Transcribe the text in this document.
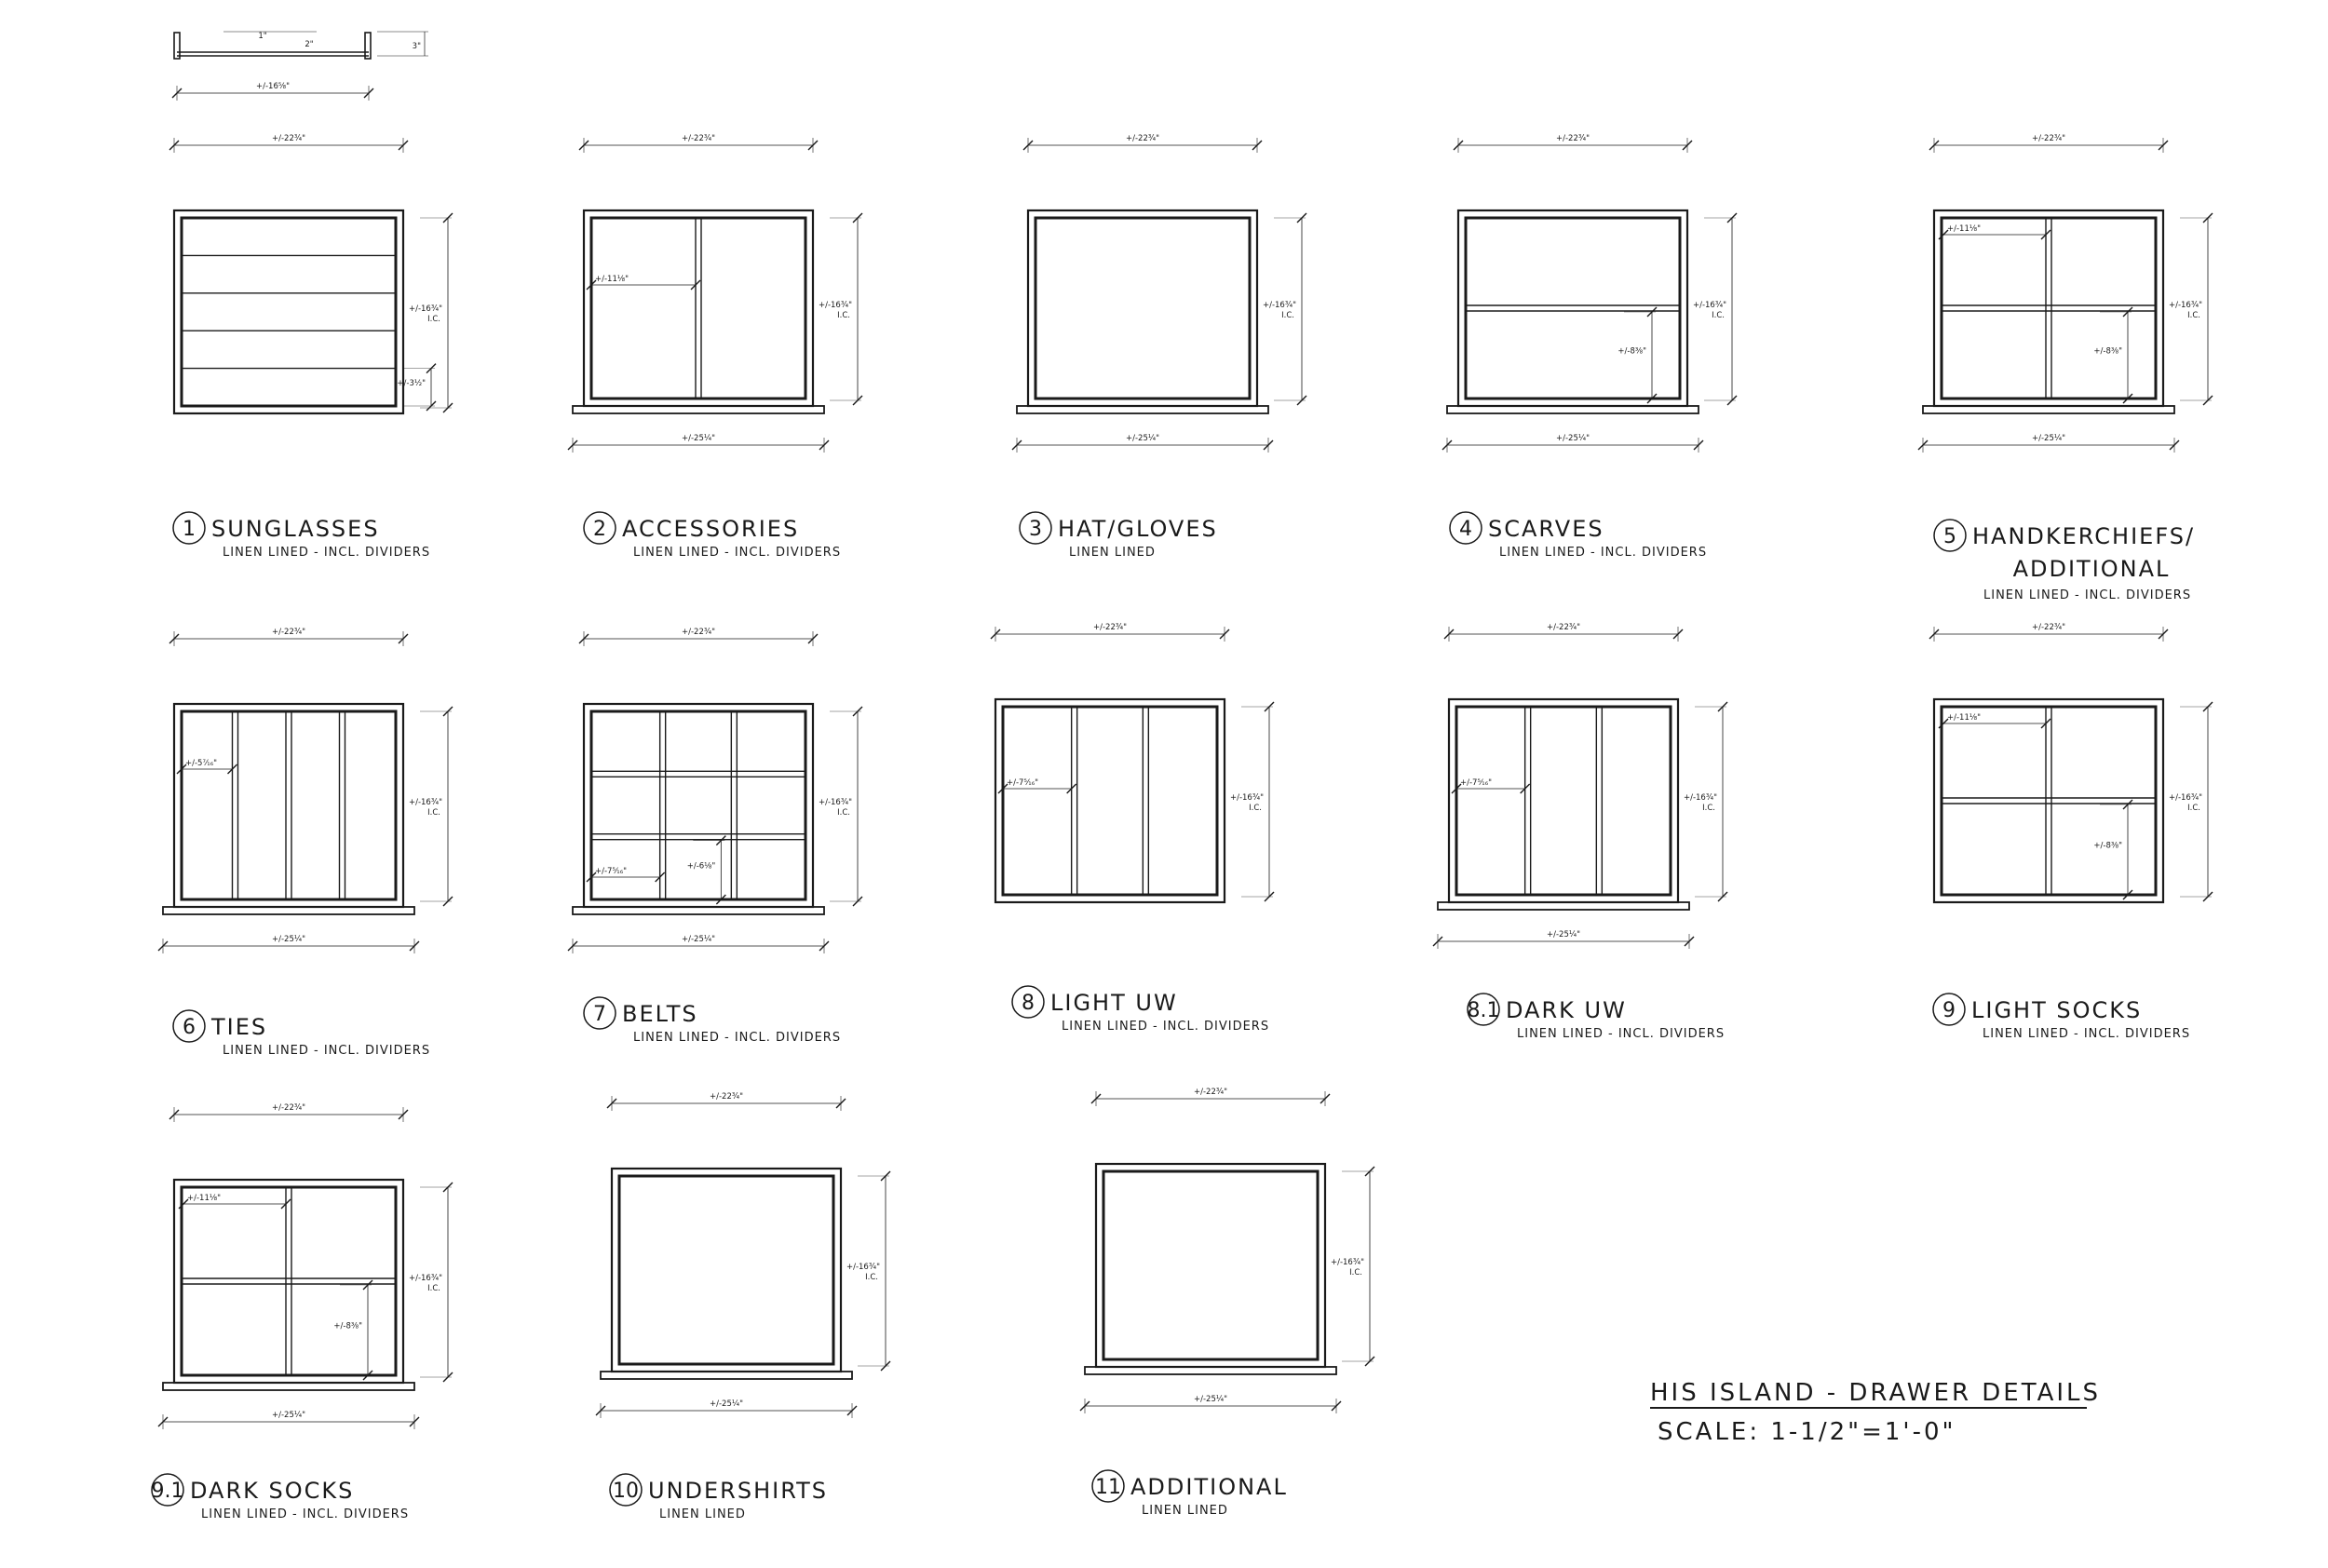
+/-22¾"
+/-16¾"
I.C.
+/-3½"
+/-22¾"
+/-25¼"
+/-16¾"
I.C.
+/-11⅛"
+/-22¾"
+/-25¼"
+/-16¾"
I.C.
+/-22¾"
+/-25¼"
+/-16¾"
I.C.
+/-8⅜"
+/-22¾"
+/-25¼"
+/-16¾"
I.C.
+/-11⅛"
+/-8⅜"
+/-22¾"
+/-25¼"
+/-16¾"
I.C.
+/-5⁷⁄₁₆"
+/-22¾"
+/-25¼"
+/-16¾"
I.C.
+/-7⁵⁄₁₆"
+/-6⅛"
+/-22¾"
+/-16¾"
I.C.
+/-7⁵⁄₁₆"
+/-22¾"
+/-25¼"
+/-16¾"
I.C.
+/-7⁵⁄₁₆"
+/-22¾"
+/-16¾"
I.C.
+/-11⅛"
+/-8⅜"
+/-22¾"
+/-25¼"
+/-16¾"
I.C.
+/-11⅛"
+/-8⅜"
+/-22¾"
+/-25¼"
+/-16¾"
I.C.
+/-22¾"
+/-25¼"
+/-16¾"
I.C.
1"
2"	3"
+/-16⅝"
1 SUNGLASSES
LINEN LINED - INCL. DIVIDERS
2 ACCESSORIES
LINEN LINED - INCL. DIVIDERS
3 HAT/GLOVES
LINEN LINED
4 SCARVES
LINEN LINED - INCL. DIVIDERS
5 HANDKERCHIEFS/
ADDITIONAL
LINEN LINED - INCL. DIVIDERS
6 TIES
LINEN LINED - INCL. DIVIDERS
7 BELTS
LINEN LINED - INCL. DIVIDERS
8 LIGHT UW
LINEN LINED - INCL. DIVIDERS
8.1 DARK UW
LINEN LINED - INCL. DIVIDERS
9 LIGHT SOCKS
LINEN LINED - INCL. DIVIDERS
9.1 DARK SOCKS
LINEN LINED - INCL. DIVIDERS
10 UNDERSHIRTS
LINEN LINED
11 ADDITIONAL
LINEN LINED
HIS ISLAND - DRAWER DETAILS
SCALE: 1-1/2"=1'-0"
